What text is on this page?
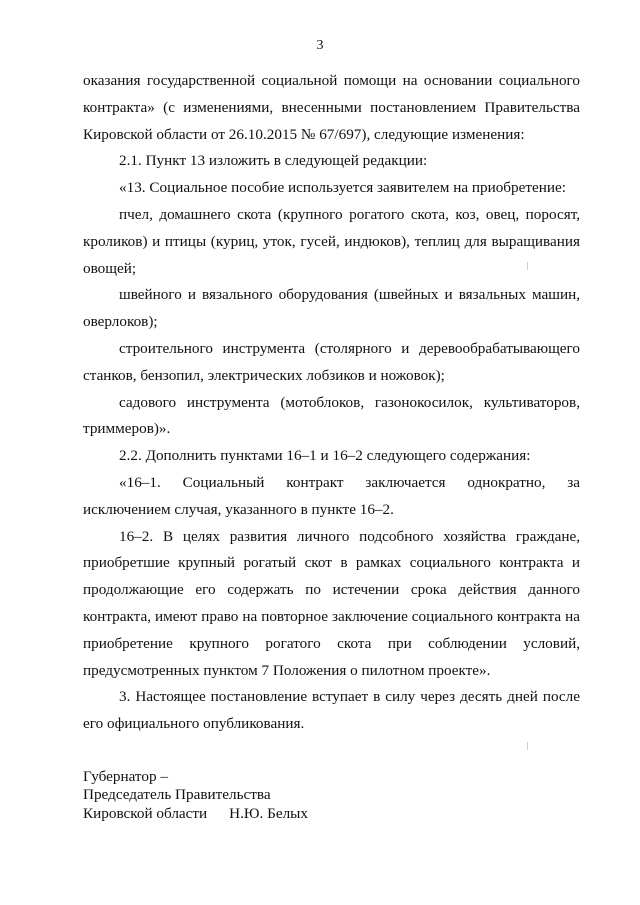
3

оказания государственной социальной помощи на основании социального контракта» (с изменениями, внесенными постановлением Правительства Кировской области от 26.10.2015 № 67/697), следующие изменения:

2.1. Пункт 13 изложить в следующей редакции:

«13. Социальное пособие используется заявителем на приобретение:

пчел, домашнего скота (крупного рогатого скота, коз, овец, поросят, кроликов) и птицы (куриц, уток, гусей, индюков), теплиц для выращивания овощей;

швейного и вязального оборудования (швейных и вязальных машин, оверлоков);

строительного инструмента (столярного и деревообрабатывающего станков, бензопил, электрических лобзиков и ножовок);

садового инструмента (мотоблоков, газонокосилок, культиваторов, триммеров)».

2.2. Дополнить пунктами 16–1 и 16–2 следующего содержания:

«16–1. Социальный контракт заключается однократно, за исключением случая, указанного в пункте 16–2.

16–2. В целях развития личного подсобного хозяйства граждане, приобретшие крупный рогатый скот в рамках социального контракта и продолжающие его содержать по истечении срока действия данного контракта, имеют право на повторное заключение социального контракта на приобретение крупного рогатого скота при соблюдении условий, предусмотренных пунктом 7 Положения о пилотном проекте».

3. Настоящее постановление вступает в силу через десять дней после его официального опубликования.

Губернатор –
Председатель Правительства
Кировской области Н.Ю. Белых
